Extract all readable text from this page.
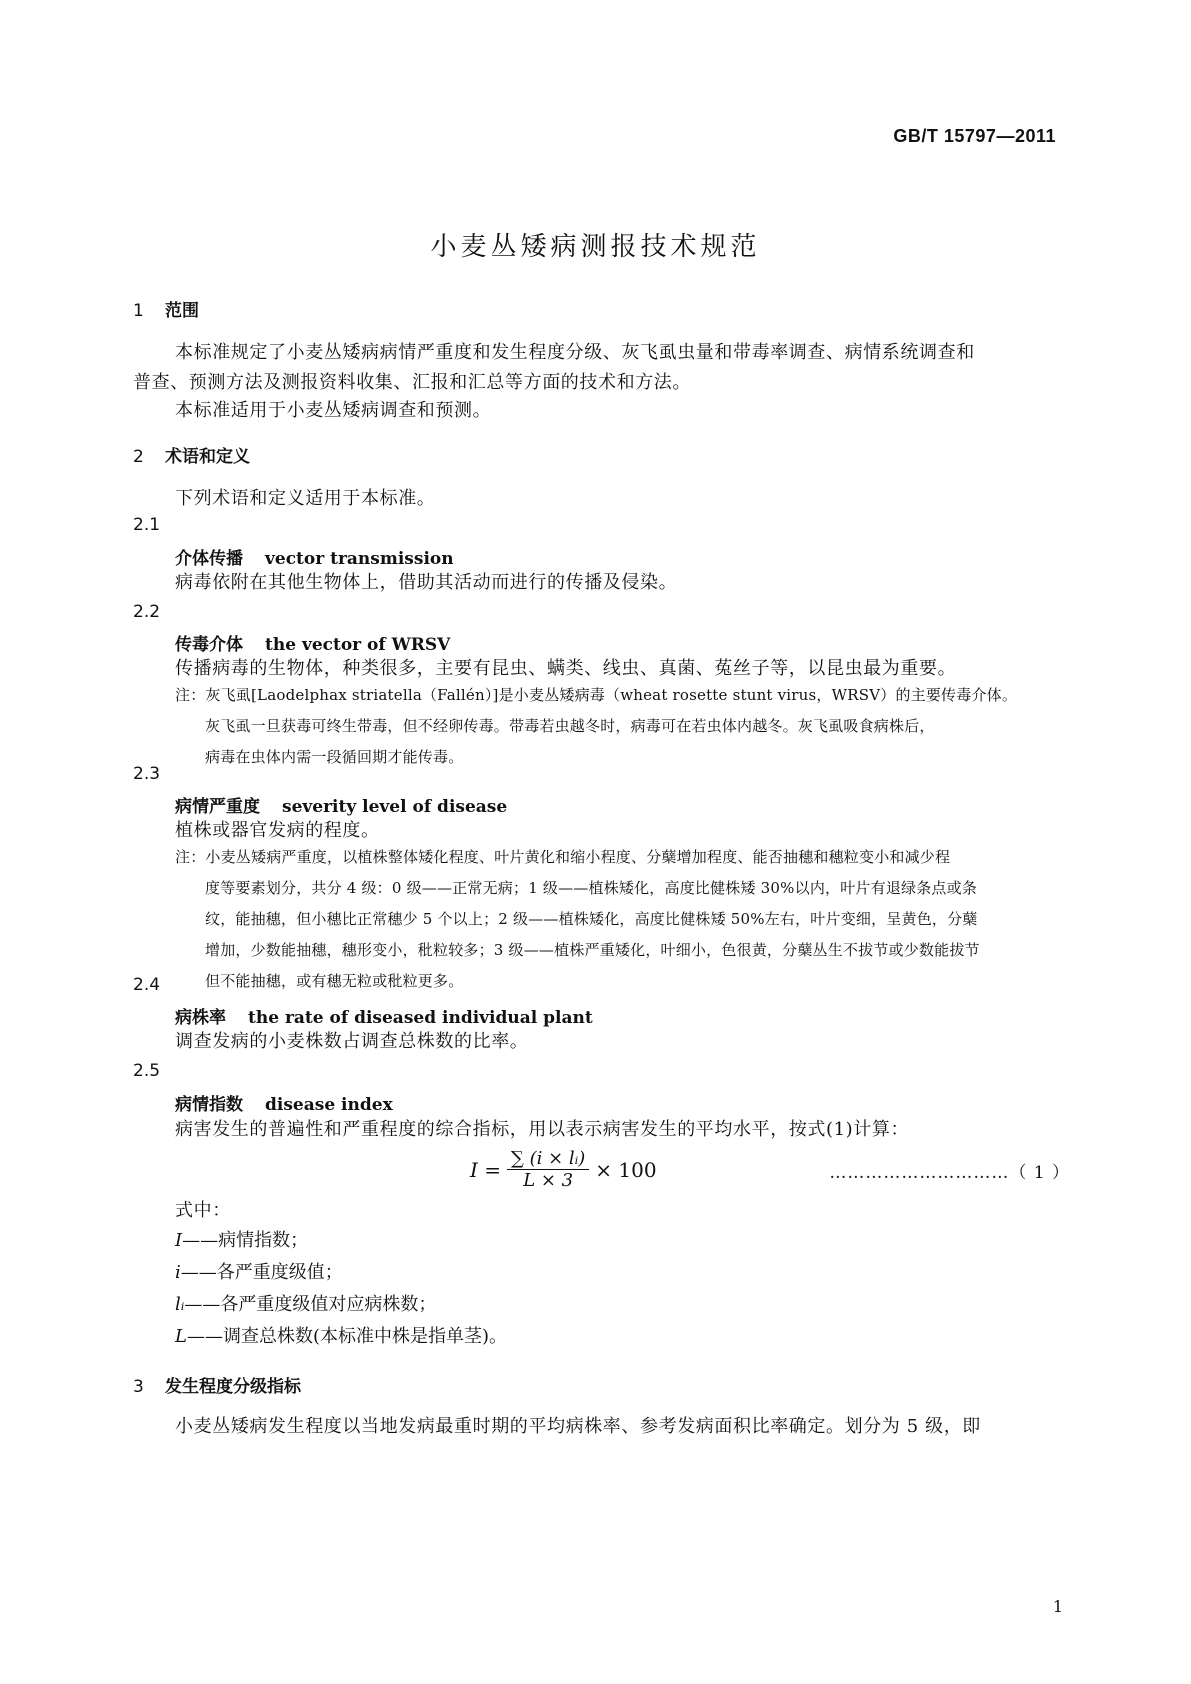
GB/T 15797—2011
小麦丛矮病测报技术规范
1 范围
本标准规定了小麦丛矮病病情严重度和发生程度分级、灰飞虱虫量和带毒率调查、病情系统调查和
普查、预测方法及测报资料收集、汇报和汇总等方面的技术和方法。
本标准适用于小麦丛矮病调查和预测。
2 术语和定义
下列术语和定义适用于本标准。
2.1
介体传播 vector transmission
病毒依附在其他生物体上，借助其活动而进行的传播及侵染。
2.2
传毒介体 the vector of WRSV
传播病毒的生物体，种类很多，主要有昆虫、螨类、线虫、真菌、菟丝子等，以昆虫最为重要。
注：灰飞虱[Laodelphax striatella（Fallén）]是小麦丛矮病毒（wheat rosette stunt virus，WRSV）的主要传毒介体。
灰飞虱一旦获毒可终生带毒，但不经卵传毒。带毒若虫越冬时，病毒可在若虫体内越冬。灰飞虱吸食病株后，
病毒在虫体内需一段循回期才能传毒。
2.3
病情严重度 severity level of disease
植株或器官发病的程度。
注：小麦丛矮病严重度，以植株整体矮化程度、叶片黄化和缩小程度、分蘖增加程度、能否抽穗和穗粒变小和减少程
度等要素划分，共分 4 级：0 级——正常无病；1 级——植株矮化，高度比健株矮 30%以内，叶片有退绿条点或条
纹，能抽穗，但小穗比正常穗少 5 个以上；2 级——植株矮化，高度比健株矮 50%左右，叶片变细，呈黄色，分蘖
增加，少数能抽穗，穗形变小，秕粒较多；3 级——植株严重矮化，叶细小，色很黄，分蘖丛生不拔节或少数能拔节
但不能抽穗，或有穗无粒或秕粒更多。
2.4
病株率 the rate of diseased individual plant
调查发病的小麦株数占调查总株数的比率。
2.5
病情指数 disease index
病害发生的普遍性和严重程度的综合指标，用以表示病害发生的平均水平，按式(1)计算：
$I = \frac{\text{∑ (i × lᵢ)}}{L \times 3} \times 100$	…………………………（ 1 ）
式中：
I——病情指数；
i——各严重度级值；
lᵢ——各严重度级值对应病株数；
L——调查总株数(本标准中株是指单茎)。
3 发生程度分级指标
小麦丛矮病发生程度以当地发病最重时期的平均病株率、参考发病面积比率确定。划分为 5 级，即
1
